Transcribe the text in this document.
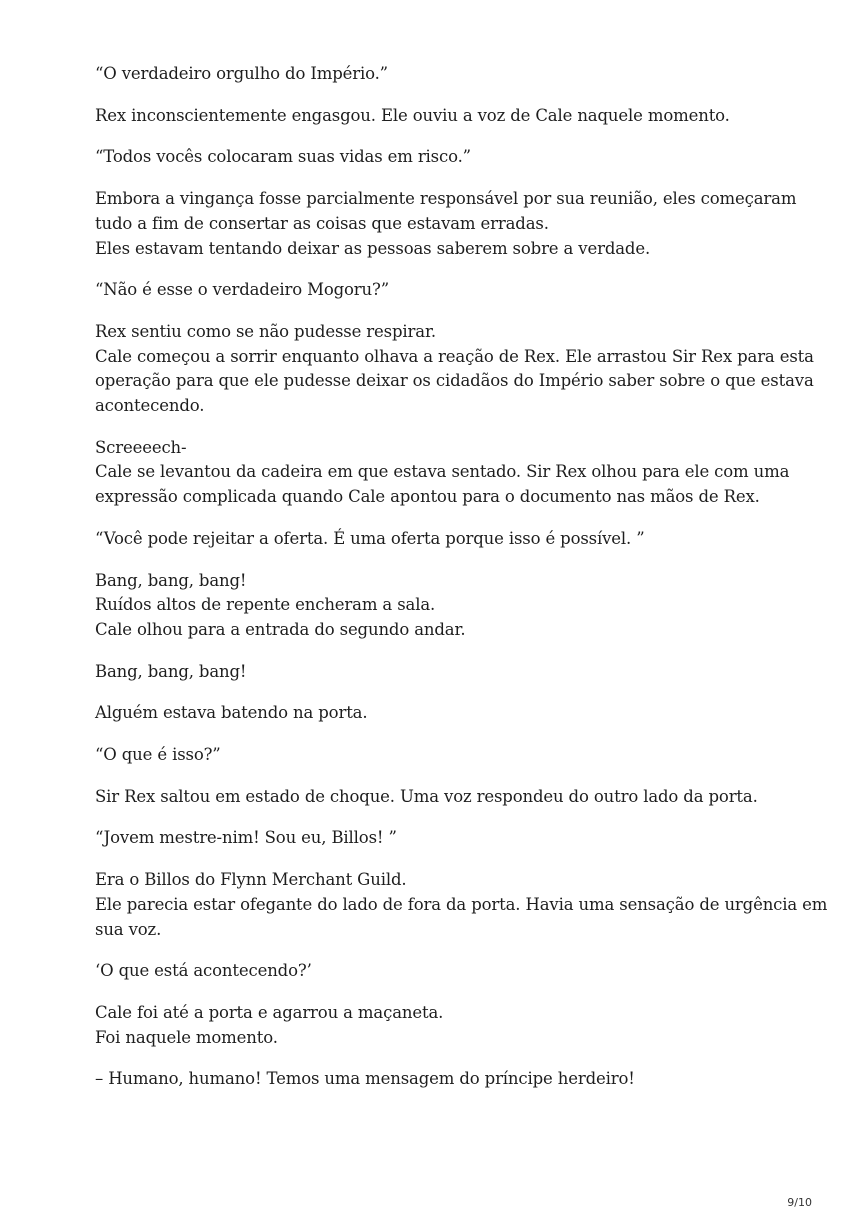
“O verdadeiro orgulho do Império.”

Rex inconscientemente engasgou. Ele ouviu a voz de Cale naquele momento.

“Todos vocês colocaram suas vidas em risco.”

Embora a vingança fosse parcialmente responsável por sua reunião, eles começaram
tudo a fim de consertar as coisas que estavam erradas.
Eles estavam tentando deixar as pessoas saberem sobre a verdade.

“Não é esse o verdadeiro Mogoru?”

Rex sentiu como se não pudesse respirar.
Cale começou a sorrir enquanto olhava a reação de Rex. Ele arrastou Sir Rex para esta
operação para que ele pudesse deixar os cidadãos do Império saber sobre o que estava
acontecendo.

Screeeech-
Cale se levantou da cadeira em que estava sentado. Sir Rex olhou para ele com uma
expressão complicada quando Cale apontou para o documento nas mãos de Rex.

“Você pode rejeitar a oferta. É uma oferta porque isso é possível. ”

Bang, bang, bang!
Ruídos altos de repente encheram a sala.
Cale olhou para a entrada do segundo andar.

Bang, bang, bang!

Alguém estava batendo na porta.

“O que é isso?”

Sir Rex saltou em estado de choque. Uma voz respondeu do outro lado da porta.

“Jovem mestre-nim! Sou eu, Billos! ”

Era o Billos do Flynn Merchant Guild.
Ele parecia estar ofegante do lado de fora da porta. Havia uma sensação de urgência em
sua voz.

‘O que está acontecendo?’

Cale foi até a porta e agarrou a maçaneta.
Foi naquele momento.

– Humano, humano! Temos uma mensagem do príncipe herdeiro!

9/10
